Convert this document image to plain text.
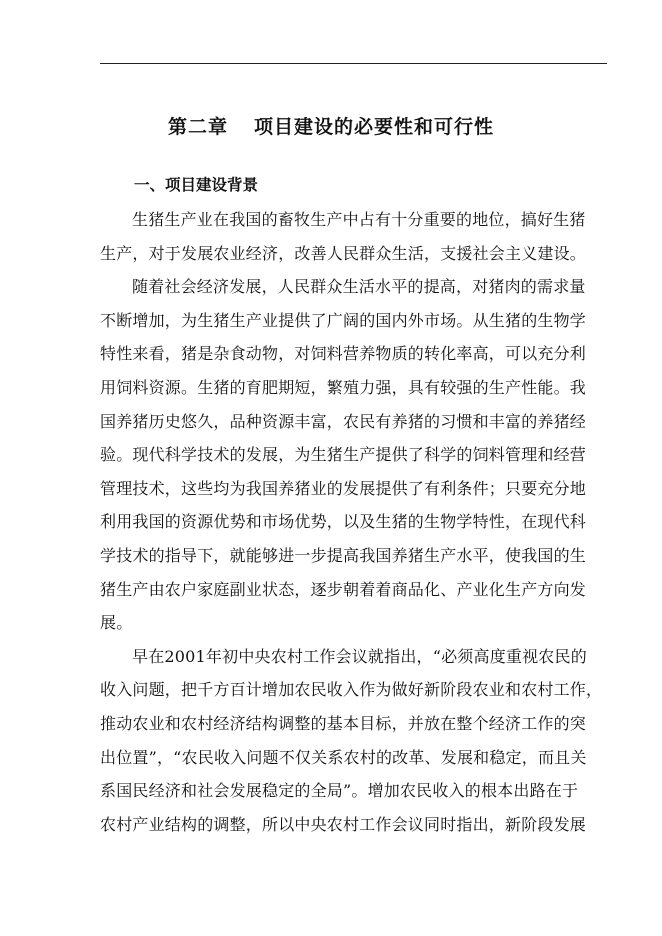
第二章 项目建设的必要性和可行性
一、项目建设背景
生猪生产业在我国的畜牧生产中占有十分重要的地位，搞好生猪
生产，对于发展农业经济，改善人民群众生活，支援社会主义建设。
随着社会经济发展，人民群众生活水平的提高，对猪肉的需求量
不断增加，为生猪生产业提供了广阔的国内外市场。从生猪的生物学
特性来看，猪是杂食动物，对饲料营养物质的转化率高，可以充分利
用饲料资源。生猪的育肥期短，繁殖力强，具有较强的生产性能。我
国养猪历史悠久，品种资源丰富，农民有养猪的习惯和丰富的养猪经
验。现代科学技术的发展，为生猪生产提供了科学的饲料管理和经营
管理技术，这些均为我国养猪业的发展提供了有利条件；只要充分地
利用我国的资源优势和市场优势，以及生猪的生物学特性，在现代科
学技术的指导下，就能够进一步提高我国养猪生产水平，使我国的生
猪生产由农户家庭副业状态，逐步朝着着商品化、产业化生产方向发
展。
早在2001年初中央农村工作会议就指出，“必须高度重视农民的
收入问题，把千方百计增加农民收入作为做好新阶段农业和农村工作，
推动农业和农村经济结构调整的基本目标，并放在整个经济工作的突
出位置”，“农民收入问题不仅关系农村的改革、发展和稳定，而且关
系国民经济和社会发展稳定的全局”。增加农民收入的根本出路在于
农村产业结构的调整，所以中央农村工作会议同时指出，新阶段发展
